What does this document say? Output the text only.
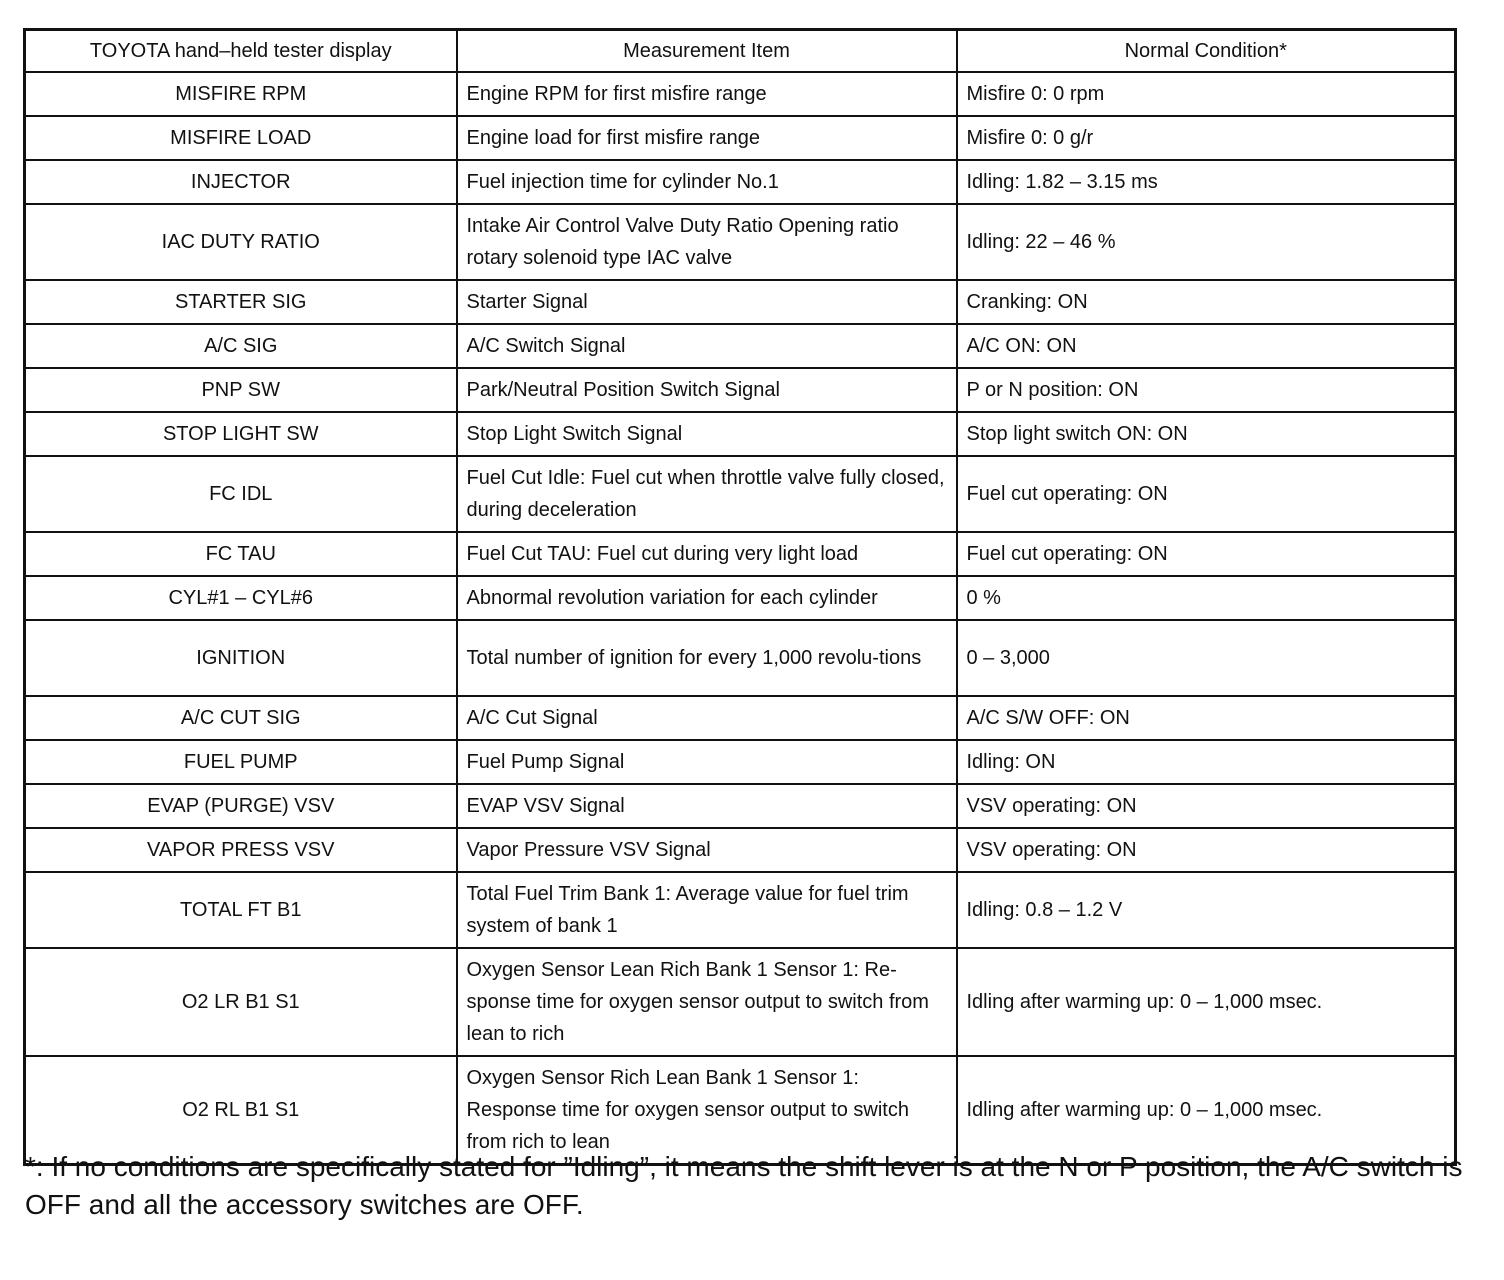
TOYOTA hand–held tester display	Measurement Item	Normal Condition*
MISFIRE RPM	Engine RPM for first misfire range	Misfire 0: 0 rpm
MISFIRE LOAD	Engine load for first misfire range	Misfire 0: 0 g/r
INJECTOR	Fuel injection time for cylinder No.1	Idling: 1.82 – 3.15 ms
IAC DUTY RATIO	Intake Air Control Valve Duty Ratio Opening ratio rotary solenoid type IAC valve	Idling: 22 – 46 %
STARTER SIG	Starter Signal	Cranking: ON
A/C SIG	A/C Switch Signal	A/C ON: ON
PNP SW	Park/Neutral Position Switch Signal	P or N position: ON
STOP LIGHT SW	Stop Light Switch Signal	Stop light switch ON: ON
FC IDL	Fuel Cut Idle: Fuel cut when throttle valve fully closed, during deceleration	Fuel cut operating: ON
FC TAU	Fuel Cut TAU: Fuel cut during very light load	Fuel cut operating: ON
CYL#1 – CYL#6	Abnormal revolution variation for each cylinder	0 %
IGNITION	Total number of ignition for every 1,000 revolu-tions	0 – 3,000
A/C CUT SIG	A/C Cut Signal	A/C S/W OFF: ON
FUEL PUMP	Fuel Pump Signal	Idling: ON
EVAP (PURGE) VSV	EVAP VSV Signal	VSV operating: ON
VAPOR PRESS VSV	Vapor Pressure VSV Signal	VSV operating: ON
TOTAL FT B1	Total Fuel Trim Bank 1: Average value for fuel trim system of bank 1	Idling: 0.8 – 1.2 V
O2 LR B1 S1	Oxygen Sensor Lean Rich Bank 1 Sensor 1: Re-sponse time for oxygen sensor output to switch from lean to rich	Idling after warming up: 0 – 1,000 msec.
O2 RL B1 S1	Oxygen Sensor Rich Lean Bank 1 Sensor 1: Response time for oxygen sensor output to switch from rich to lean	Idling after warming up: 0 – 1,000 msec.
*: If no conditions are specifically stated for ”Idling”, it means the shift lever is at the N or P position, the A/C switch is OFF and all the accessory switches are OFF.
